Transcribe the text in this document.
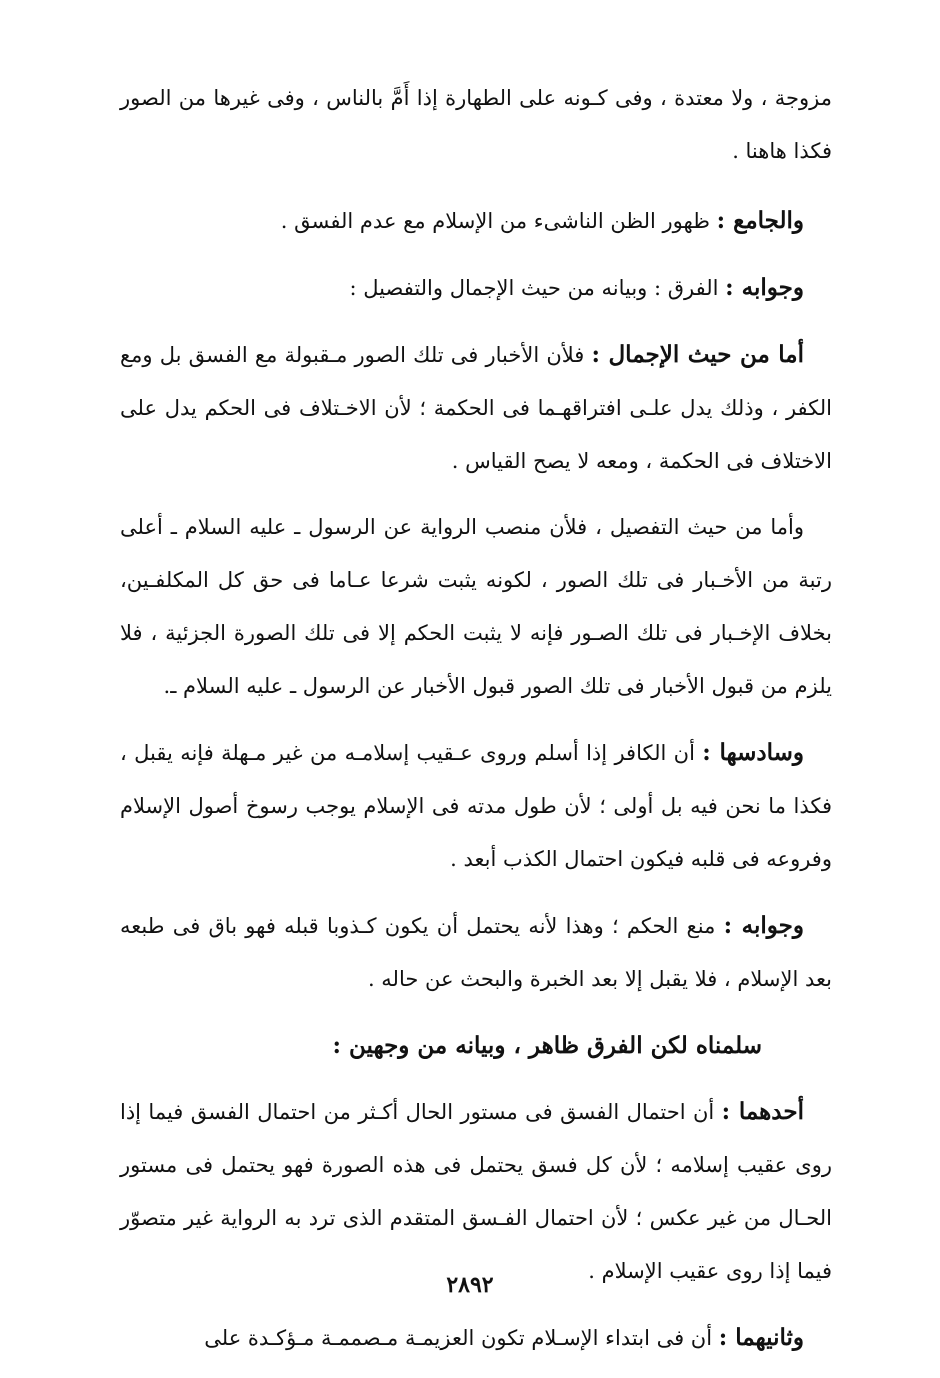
مزوجة ، ولا معتدة ، وفى كـونه على الطهارة إذا أَمَّ بالناس ، وفى غيرها من الصور فكذا هاهنا .

والجامع : ظهور الظن الناشىء من الإسلام مع عدم الفسق .

وجوابه : الفرق : وبيانه من حيث الإجمال والتفصيل :

أما من حيث الإجمال : فلأن الأخبار فى تلك الصور مـقبولة مع الفسق بل ومع الكفر ، وذلك يدل علـى افتراقهـما فى الحكمة ؛ لأن الاخـتلاف فى الحكم يدل على الاختلاف فى الحكمة ، ومعه لا يصح القياس .

وأما من حيث التفصيل ، فلأن منصب الرواية عن الرسول ـ عليه السلام ـ أعلى رتبة من الأخـبار فى تلك الصور ، لكونه يثبت شرعا عـاما فى حق كل المكلفـين، بخلاف الإخـبار فى تلك الصـور فإنه لا يثبت الحكم إلا فى تلك الصورة الجزئية ، فلا يلزم من قبول الأخبار فى تلك الصور قبول الأخبار عن الرسول ـ عليه السلام ـ.

وسادسها : أن الكافر إذا أسلم وروى عـقيب إسلامـه من غير مـهلة فإنه يقبل ، فكذا ما نحن فيه بل أولى ؛ لأن طول مدته فى الإسلام يوجب رسوخ أصول الإسلام وفروعه فى قلبه فيكون احتمال الكذب أبعد .

وجوابه : منع الحكم ؛ وهذا لأنه يحتمل أن يكون كـذوبا قبله فهو باق فى طبعه بعد الإسلام ، فلا يقبل إلا بعد الخبرة والبحث عن حاله .

سلمناه لكن الفرق ظاهر ، وبيانه من وجهين :

أحدهما : أن احتمال الفسق فى مستور الحال أكـثر من احتمال الفسق فيما إذا روى عقيب إسلامه ؛ لأن كل فسق يحتمل فى هذه الصورة فهو يحتمل فى مستور الحـال من غير عكس ؛ لأن احتمال الفـسق المتقدم الذى ترد به الرواية غير متصوّر فيما إذا روى عقيب الإسلام .

وثانيهما : أن فى ابتداء الإسـلام تكون العزيمـة مـصممـة مـؤكـدة على

٢٨٩٢
